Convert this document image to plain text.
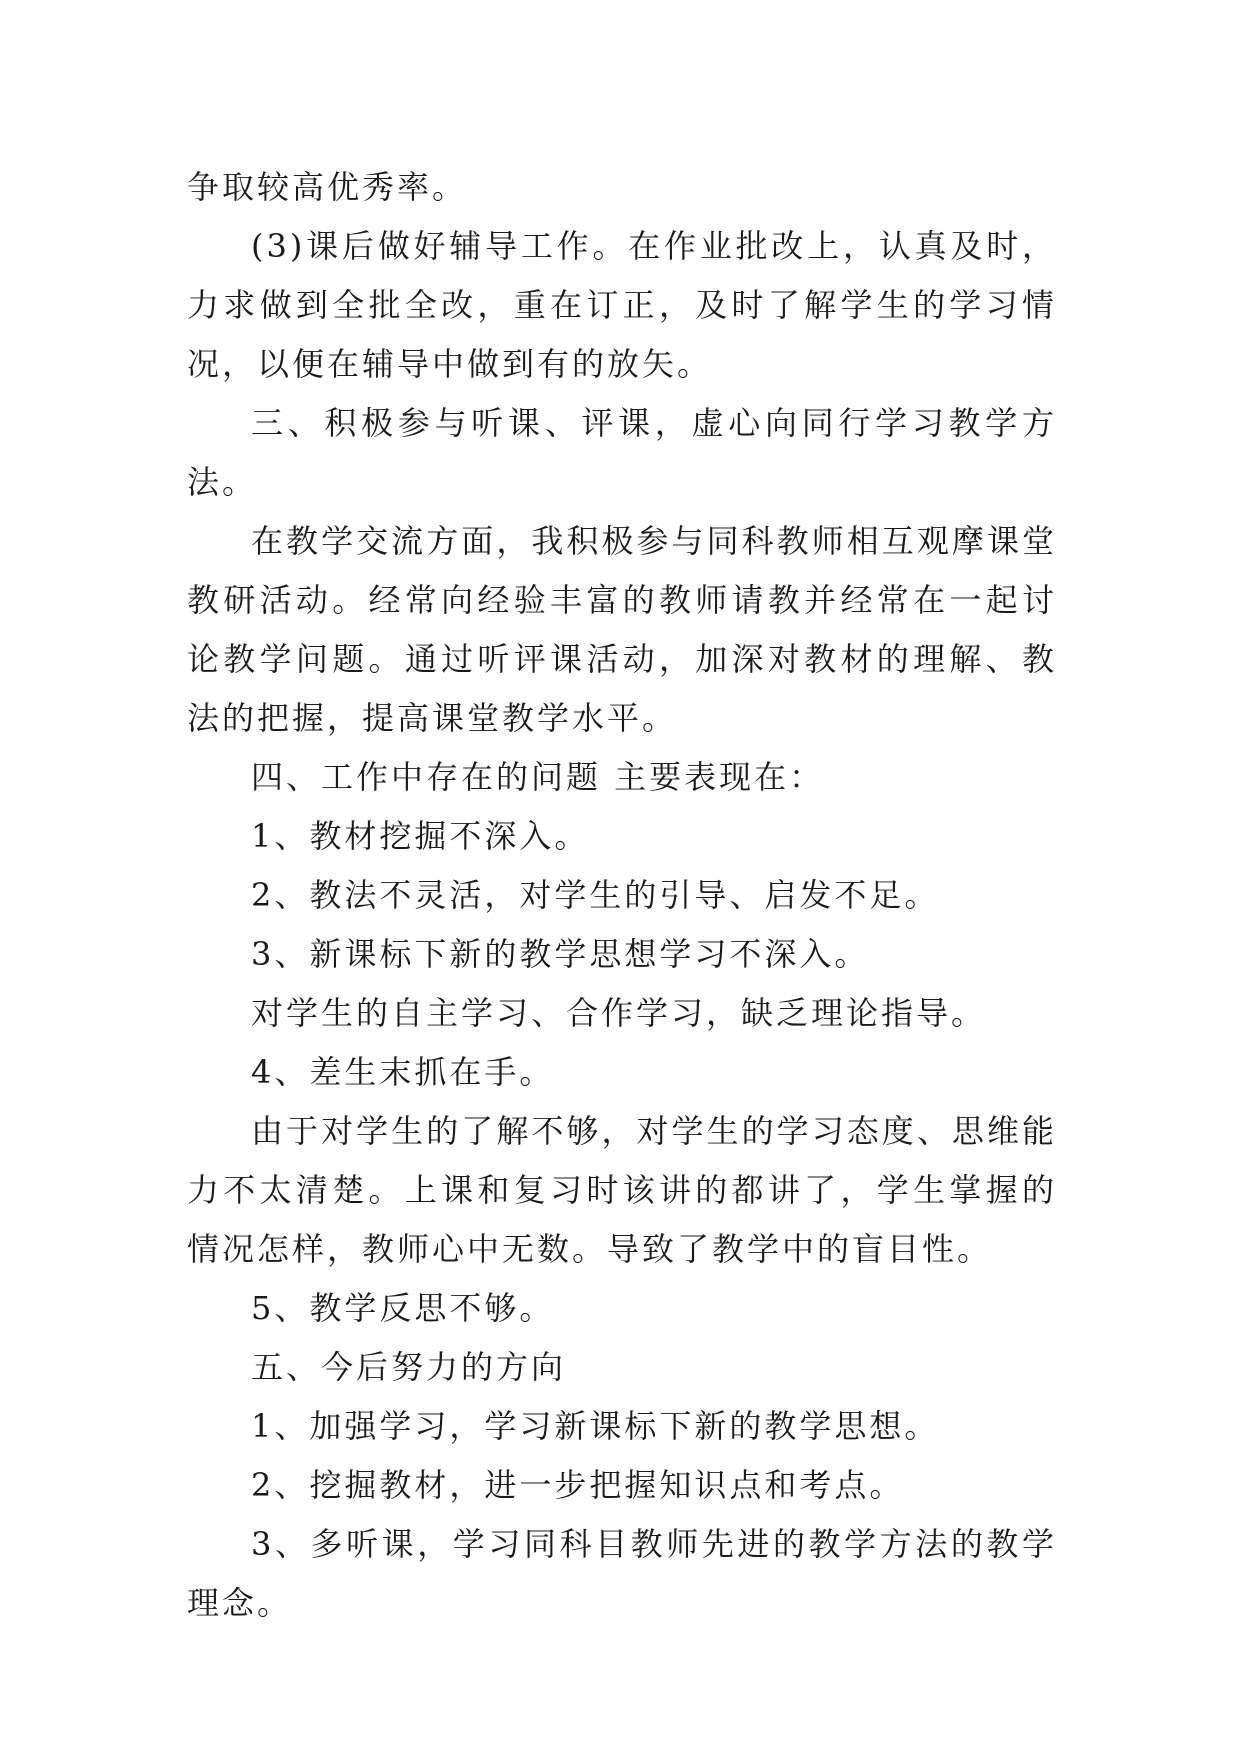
争取较高优秀率。

(3)课后做好辅导工作。在作业批改上，认真及时，力求做到全批全改，重在订正，及时了解学生的学习情况，以便在辅导中做到有的放矢。

三、积极参与听课、评课，虚心向同行学习教学方法。

在教学交流方面，我积极参与同科教师相互观摩课堂教研活动。经常向经验丰富的教师请教并经常在一起讨论教学问题。通过听评课活动，加深对教材的理解、教法的把握，提高课堂教学水平。

四、工作中存在的问题 主要表现在：

1、教材挖掘不深入。

2、教法不灵活，对学生的引导、启发不足。

3、新课标下新的教学思想学习不深入。

对学生的自主学习、合作学习，缺乏理论指导。

4、差生末抓在手。

由于对学生的了解不够，对学生的学习态度、思维能力不太清楚。上课和复习时该讲的都讲了，学生掌握的情况怎样，教师心中无数。导致了教学中的盲目性。

5、教学反思不够。

五、今后努力的方向

1、加强学习，学习新课标下新的教学思想。

2、挖掘教材，进一步把握知识点和考点。

3、多听课，学习同科目教师先进的教学方法的教学理念。
